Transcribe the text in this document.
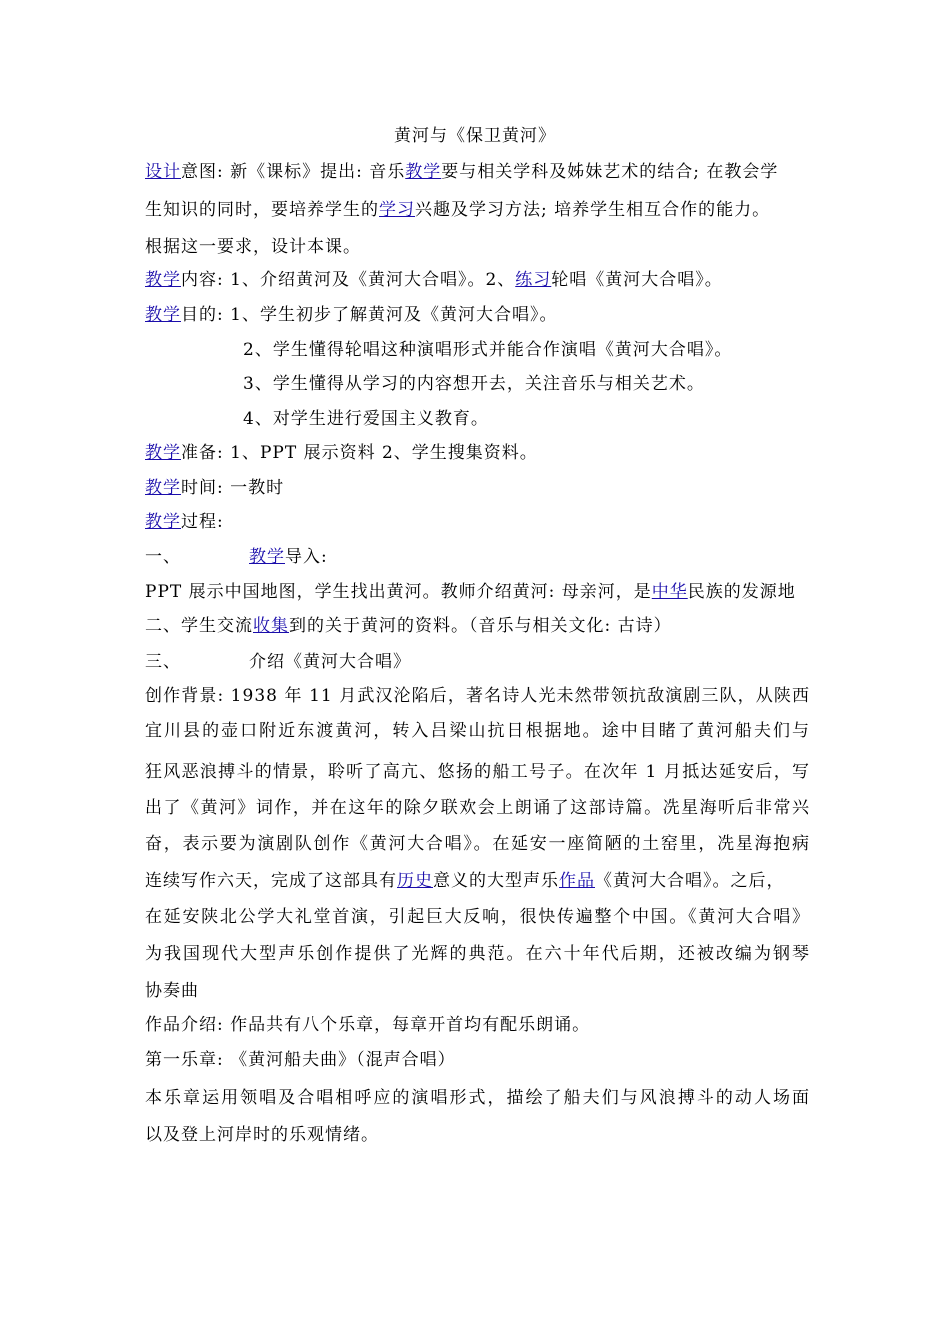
黄河与《保卫黄河》
设计意图: 新《课标》提出: 音乐教学要与相关学科及姊妹艺术的结合; 在教会学
生知识的同时，要培养学生的学习兴趣及学习方法; 培养学生相互合作的能力。
根据这一要求，设计本课。
教学内容: 1、介绍黄河及《黄河大合唱》。2、练习轮唱《黄河大合唱》。
教学目的: 1、学生初步了解黄河及《黄河大合唱》。
2、学生懂得轮唱这种演唱形式并能合作演唱《黄河大合唱》。
3、学生懂得从学习的内容想开去，关注音乐与相关艺术。
4、对学生进行爱国主义教育。
教学准备: 1、PPT 展示资料 2、学生搜集资料。
教学时间: 一教时
教学过程:
一、	教学导入:
PPT 展示中国地图，学生找出黄河。教师介绍黄河: 母亲河，是中华民族的发源地
二、学生交流收集到的关于黄河的资料。（音乐与相关文化: 古诗）
三、	介绍《黄河大合唱》
创作背景: 1938 年 11 月武汉沦陷后，著名诗人光未然带领抗敌演剧三队，从陕西
宜川县的壶口附近东渡黄河，转入吕梁山抗日根据地。途中目睹了黄河船夫们与
狂风恶浪搏斗的情景，聆听了高亢、悠扬的船工号子。在次年 1 月抵达延安后，写
出了《黄河》词作，并在这年的除夕联欢会上朗诵了这部诗篇。冼星海听后非常兴
奋，表示要为演剧队创作《黄河大合唱》。在延安一座简陋的土窑里，冼星海抱病
连续写作六天，完成了这部具有历史意义的大型声乐作品《黄河大合唱》。之后，
在延安陕北公学大礼堂首演，引起巨大反响，很快传遍整个中国。《黄河大合唱》
为我国现代大型声乐创作提供了光辉的典范。在六十年代后期，还被改编为钢琴
协奏曲
作品介绍: 作品共有八个乐章，每章开首均有配乐朗诵。
第一乐章: 《黄河船夫曲》（混声合唱）
本乐章运用领唱及合唱相呼应的演唱形式，描绘了船夫们与风浪搏斗的动人场面
以及登上河岸时的乐观情绪。
